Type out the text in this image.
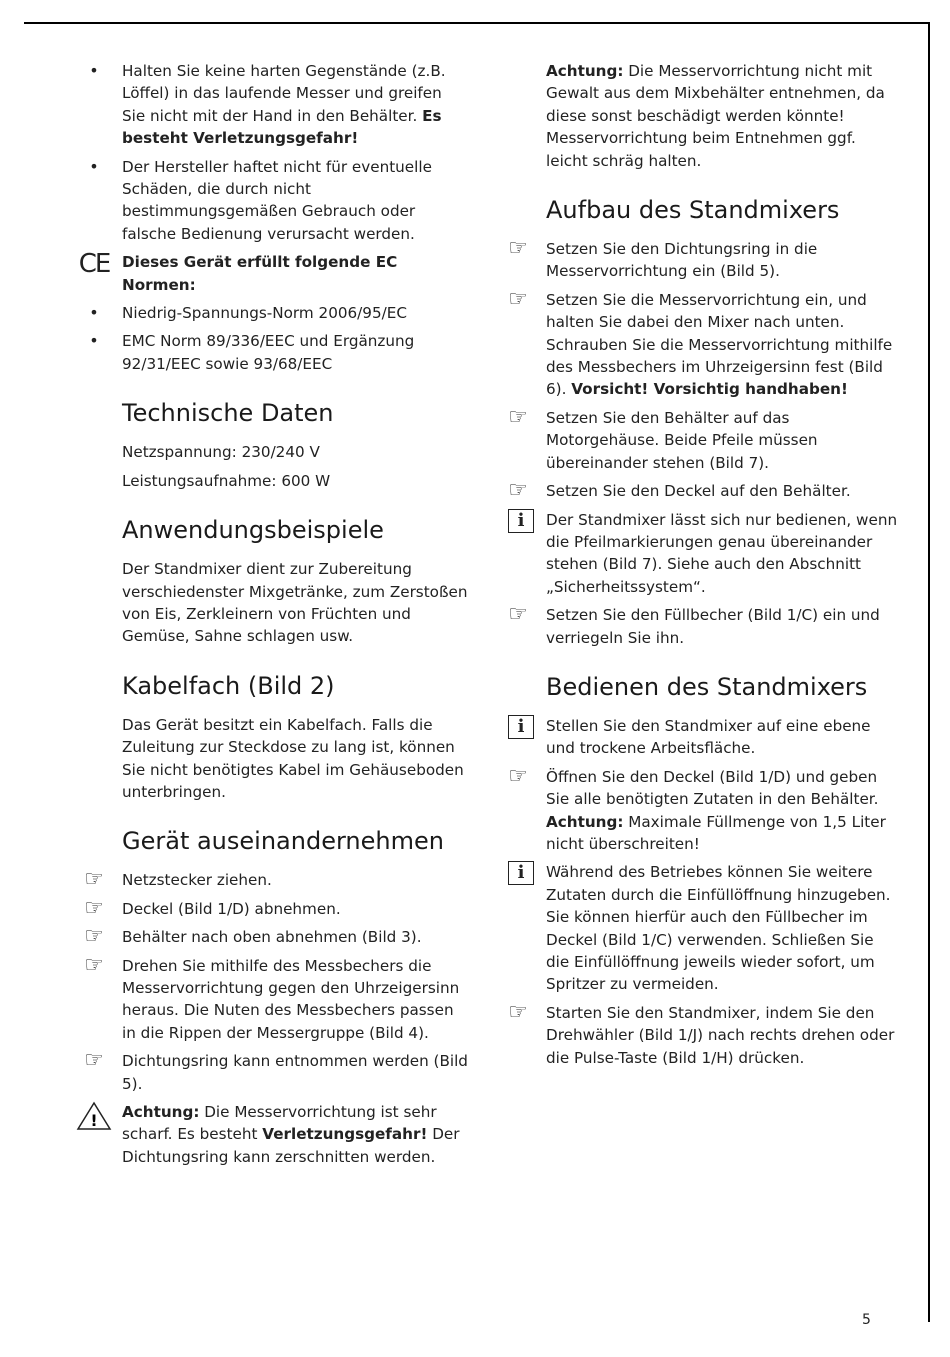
•	Halten Sie keine harten Gegenstände (z.B. Löffel) in das laufende Messer und greifen Sie nicht mit der Hand in den Behälter. Es besteht Verletzungsgefahr!
•	Der Hersteller haftet nicht für eventuelle Schäden, die durch nicht bestimmungsgemäßen Gebrauch oder falsche Bedienung verursacht werden.
CE Dieses Gerät erfüllt folgende EC Normen:
•	Niedrig-Spannungs-Norm 2006/95/EC
•	EMC Norm 89/336/EEC und Ergänzung 92/31/EEC sowie 93/68/EEC
Technische Daten

Netzspannung: 230/240 V

Leistungsaufnahme: 600 W

Anwendungsbeispiele

Der Standmixer dient zur Zubereitung verschiedenster Mixgetränke, zum Zerstoßen von Eis, Zerkleinern von Früchten und Gemüse, Sahne schlagen usw.

Kabelfach (Bild 2)

Das Gerät besitzt ein Kabelfach. Falls die Zuleitung zur Steckdose zu lang ist, können Sie nicht benötigtes Kabel im Gehäuseboden unterbringen.

Gerät auseinandernehmen
☞	Netzstecker ziehen.
☞	Deckel (Bild 1/D) abnehmen.
☞	Behälter nach oben abnehmen (Bild 3).
☞	Drehen Sie mithilfe des Messbechers die Messervorrichtung gegen den Uhrzeigersinn heraus. Die Nuten des Messbechers passen in die Rippen der Messergruppe (Bild 4).
☞	Dichtungsring kann entnommen werden (Bild 5).
! Achtung: Die Messervorrichtung ist sehr scharf. Es besteht Verletzungsgefahr! Der Dichtungsring kann zerschnitten werden.

Achtung: Die Messervorrichtung nicht mit Gewalt aus dem Mixbehälter entnehmen, da diese sonst beschädigt werden könnte! Messervorrichtung beim Entnehmen ggf. leicht schräg halten.

Aufbau des Standmixers
☞	Setzen Sie den Dichtungsring in die Messervorrichtung ein (Bild 5).
☞	Setzen Sie die Messervorrichtung ein, und halten Sie dabei den Mixer nach unten. Schrauben Sie die Messervorrichtung mithilfe des Messbechers im Uhrzeigersinn fest (Bild 6). Vorsicht! Vorsichtig handhaben!
☞	Setzen Sie den Behälter auf das Motorgehäuse. Beide Pfeile müssen übereinander stehen (Bild 7).
☞	Setzen Sie den Deckel auf den Behälter.
i	Der Standmixer lässt sich nur bedienen, wenn die Pfeilmarkierungen genau übereinander stehen (Bild 7). Siehe auch den Abschnitt „Sicherheitssystem“.
☞	Setzen Sie den Füllbecher (Bild 1/C) ein und verriegeln Sie ihn.
Bedienen des Standmixers
i	Stellen Sie den Standmixer auf eine ebene und trockene Arbeitsfläche.
☞	Öffnen Sie den Deckel (Bild 1/D) und geben Sie alle benötigten Zutaten in den Behälter. Achtung: Maximale Füllmenge von 1,5 Liter nicht überschreiten!
i	Während des Betriebes können Sie weitere Zutaten durch die Einfüllöffnung hinzugeben. Sie können hierfür auch den Füllbecher im Deckel (Bild 1/C) verwenden. Schließen Sie die Einfüllöffnung jeweils wieder sofort, um Spritzer zu vermeiden.
☞	Starten Sie den Standmixer, indem Sie den Drehwähler (Bild 1/J) nach rechts drehen oder die Pulse-Taste (Bild 1/H) drücken.
5
